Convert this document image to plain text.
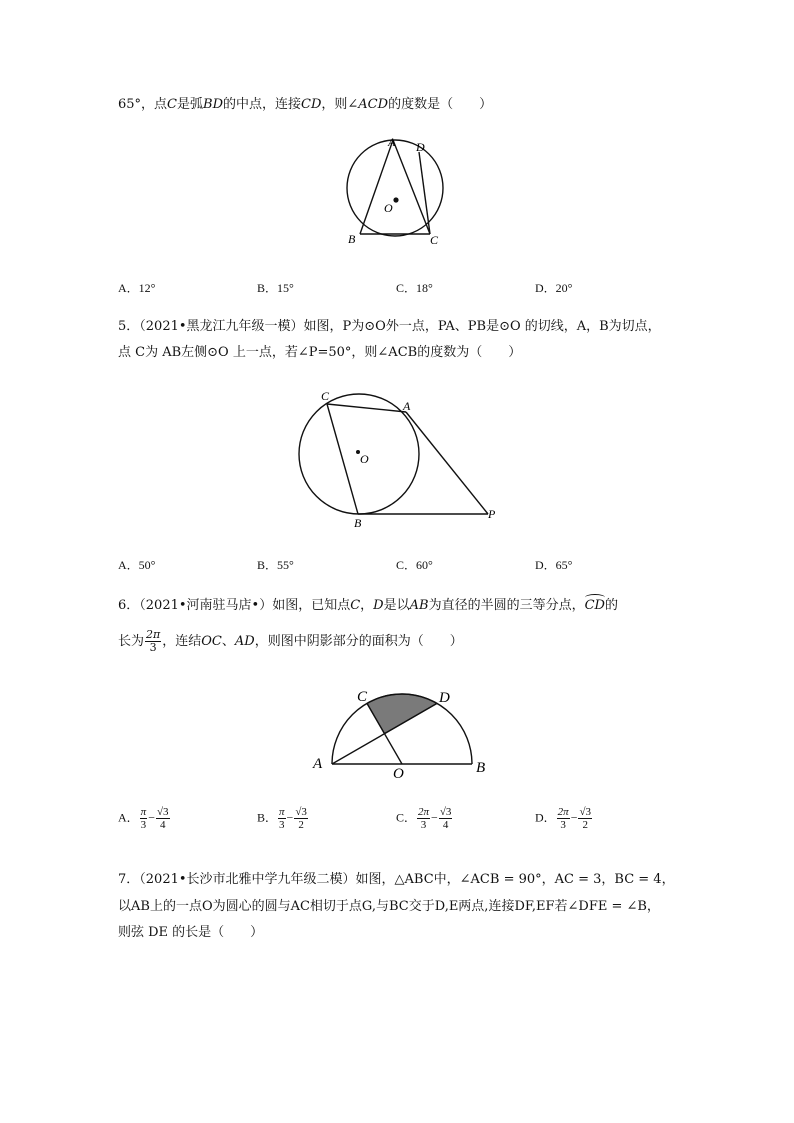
65°，点C是弧BD的中点，连接CD，则∠ACD的度数是（　　）
A D
O
B	C
A．12°	B．15°	C．18°	D．20°
5．（2021•黑龙江九年级一模）如图，P为⊙O外一点，PA、PB是⊙O 的切线，A，B为切点，
点 C为 AB左侧⊙O 上一点，若∠P=50°，则∠ACB的度数为（　　）
C
A
O
B
P
A．50°	B．55°	C．60°	D．65°
6．（2021•河南驻马店•）如图，已知点C，D是以AB为直径的半圆的三等分点，CD的
长为 $\frac{2\pi}{3}$ ，连结OC、AD，则图中阴影部分的面积为（　　）
C	D
A
O	B
A． $\frac{\pi}{3} - \frac{√3}{4}$	B． $\frac{\pi}{3} - \frac{√3}{2}$	C． $\frac{2\pi}{3} - \frac{√3}{4}$	D． $\frac{2\pi}{3} - \frac{√3}{2}$
7．（2021•长沙市北雅中学九年级二模）如图，△ABC中，∠ACB = 90°，AC = 3，BC = 4，
以AB上的一点O为圆心的圆与AC相切于点G,与BC交于D,E两点,连接DF,EF若∠DFE = ∠B，
则弦 DE 的长是（　　）
